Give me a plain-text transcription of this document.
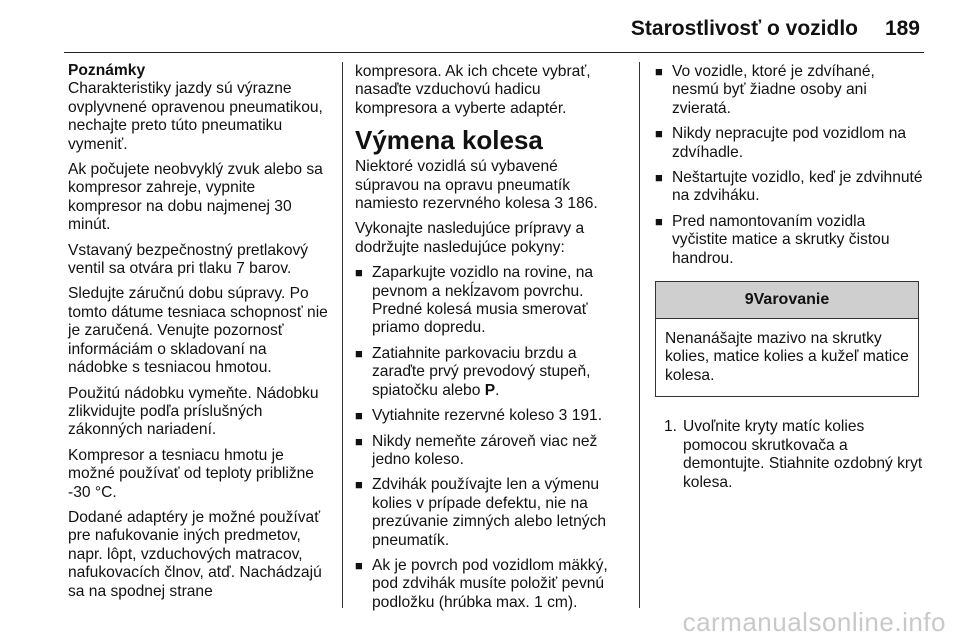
Starostlivosť o vozidlo 189

Poznámky

Charakteristiky jazdy sú výrazne ovplyvnené opravenou pneumatikou, nechajte preto túto pneumatiku vymeniť.

Ak počujete neobvyklý zvuk alebo sa kompresor zahreje, vypnite kompresor na dobu najmenej 30 minút.

Vstavaný bezpečnostný pretlakový ventil sa otvára pri tlaku 7 barov.

Sledujte záručnú dobu súpravy. Po tomto dátume tesniaca schopnosť nie je zaručená. Venujte pozornosť informáciám o skladovaní na nádobke s tesniacou hmotou.

Použitú nádobku vymeňte. Nádobku zlikvidujte podľa príslušných zákonných nariadení.

Kompresor a tesniacu hmotu je možné používať od teploty približne -30 °C.

Dodané adaptéry je možné používať pre nafukovanie iných predmetov, napr. lôpt, vzduchových matracov, nafukovacích člnov, atď. Nachádzajú sa na spodnej strane

kompresora. Ak ich chcete vybrať, nasaďte vzduchovú hadicu kompresora a vyberte adaptér.

Výmena kolesa

Niektoré vozidlá sú vybavené súpravou na opravu pneumatík namiesto rezervného kolesa 3 186.

Vykonajte nasledujúce prípravy a dodržujte nasledujúce pokyny:

■ Zaparkujte vozidlo na rovine, na pevnom a nekĺzavom povrchu. Predné kolesá musia smerovať priamo dopredu.
■ Zatiahnite parkovaciu brzdu a zaraďte prvý prevodový stupeň, spiatočku alebo P.
■ Vytiahnite rezervné koleso 3 191.
■ Nikdy nemeňte zároveň viac než jedno koleso.
■ Zdvihák používajte len a výmenu kolies v prípade defektu, nie na prezúvanie zimných alebo letných pneumatík.
■ Ak je povrch pod vozidlom mäkký, pod zdvihák musíte položiť pevnú podložku (hrúbka max. 1 cm).
■ Vo vozidle, ktoré je zdvíhané, nesmú byť žiadne osoby ani zvieratá.
■ Nikdy nepracujte pod vozidlom na zdvíhadle.
■ Neštartujte vozidlo, keď je zdvihnuté na zdviháku.
■ Pred namontovaním vozidla vyčistite matice a skrutky čistou handrou.
9 Varovanie
Nenanášajte mazivo na skrutky kolies, matice kolies a kužeľ matice kolesa.
1. Uvoľnite kryty matíc kolies pomocou skrutkovača a demontujte. Stiahnite ozdobný kryt kolesa.
carmanualsonline.info
